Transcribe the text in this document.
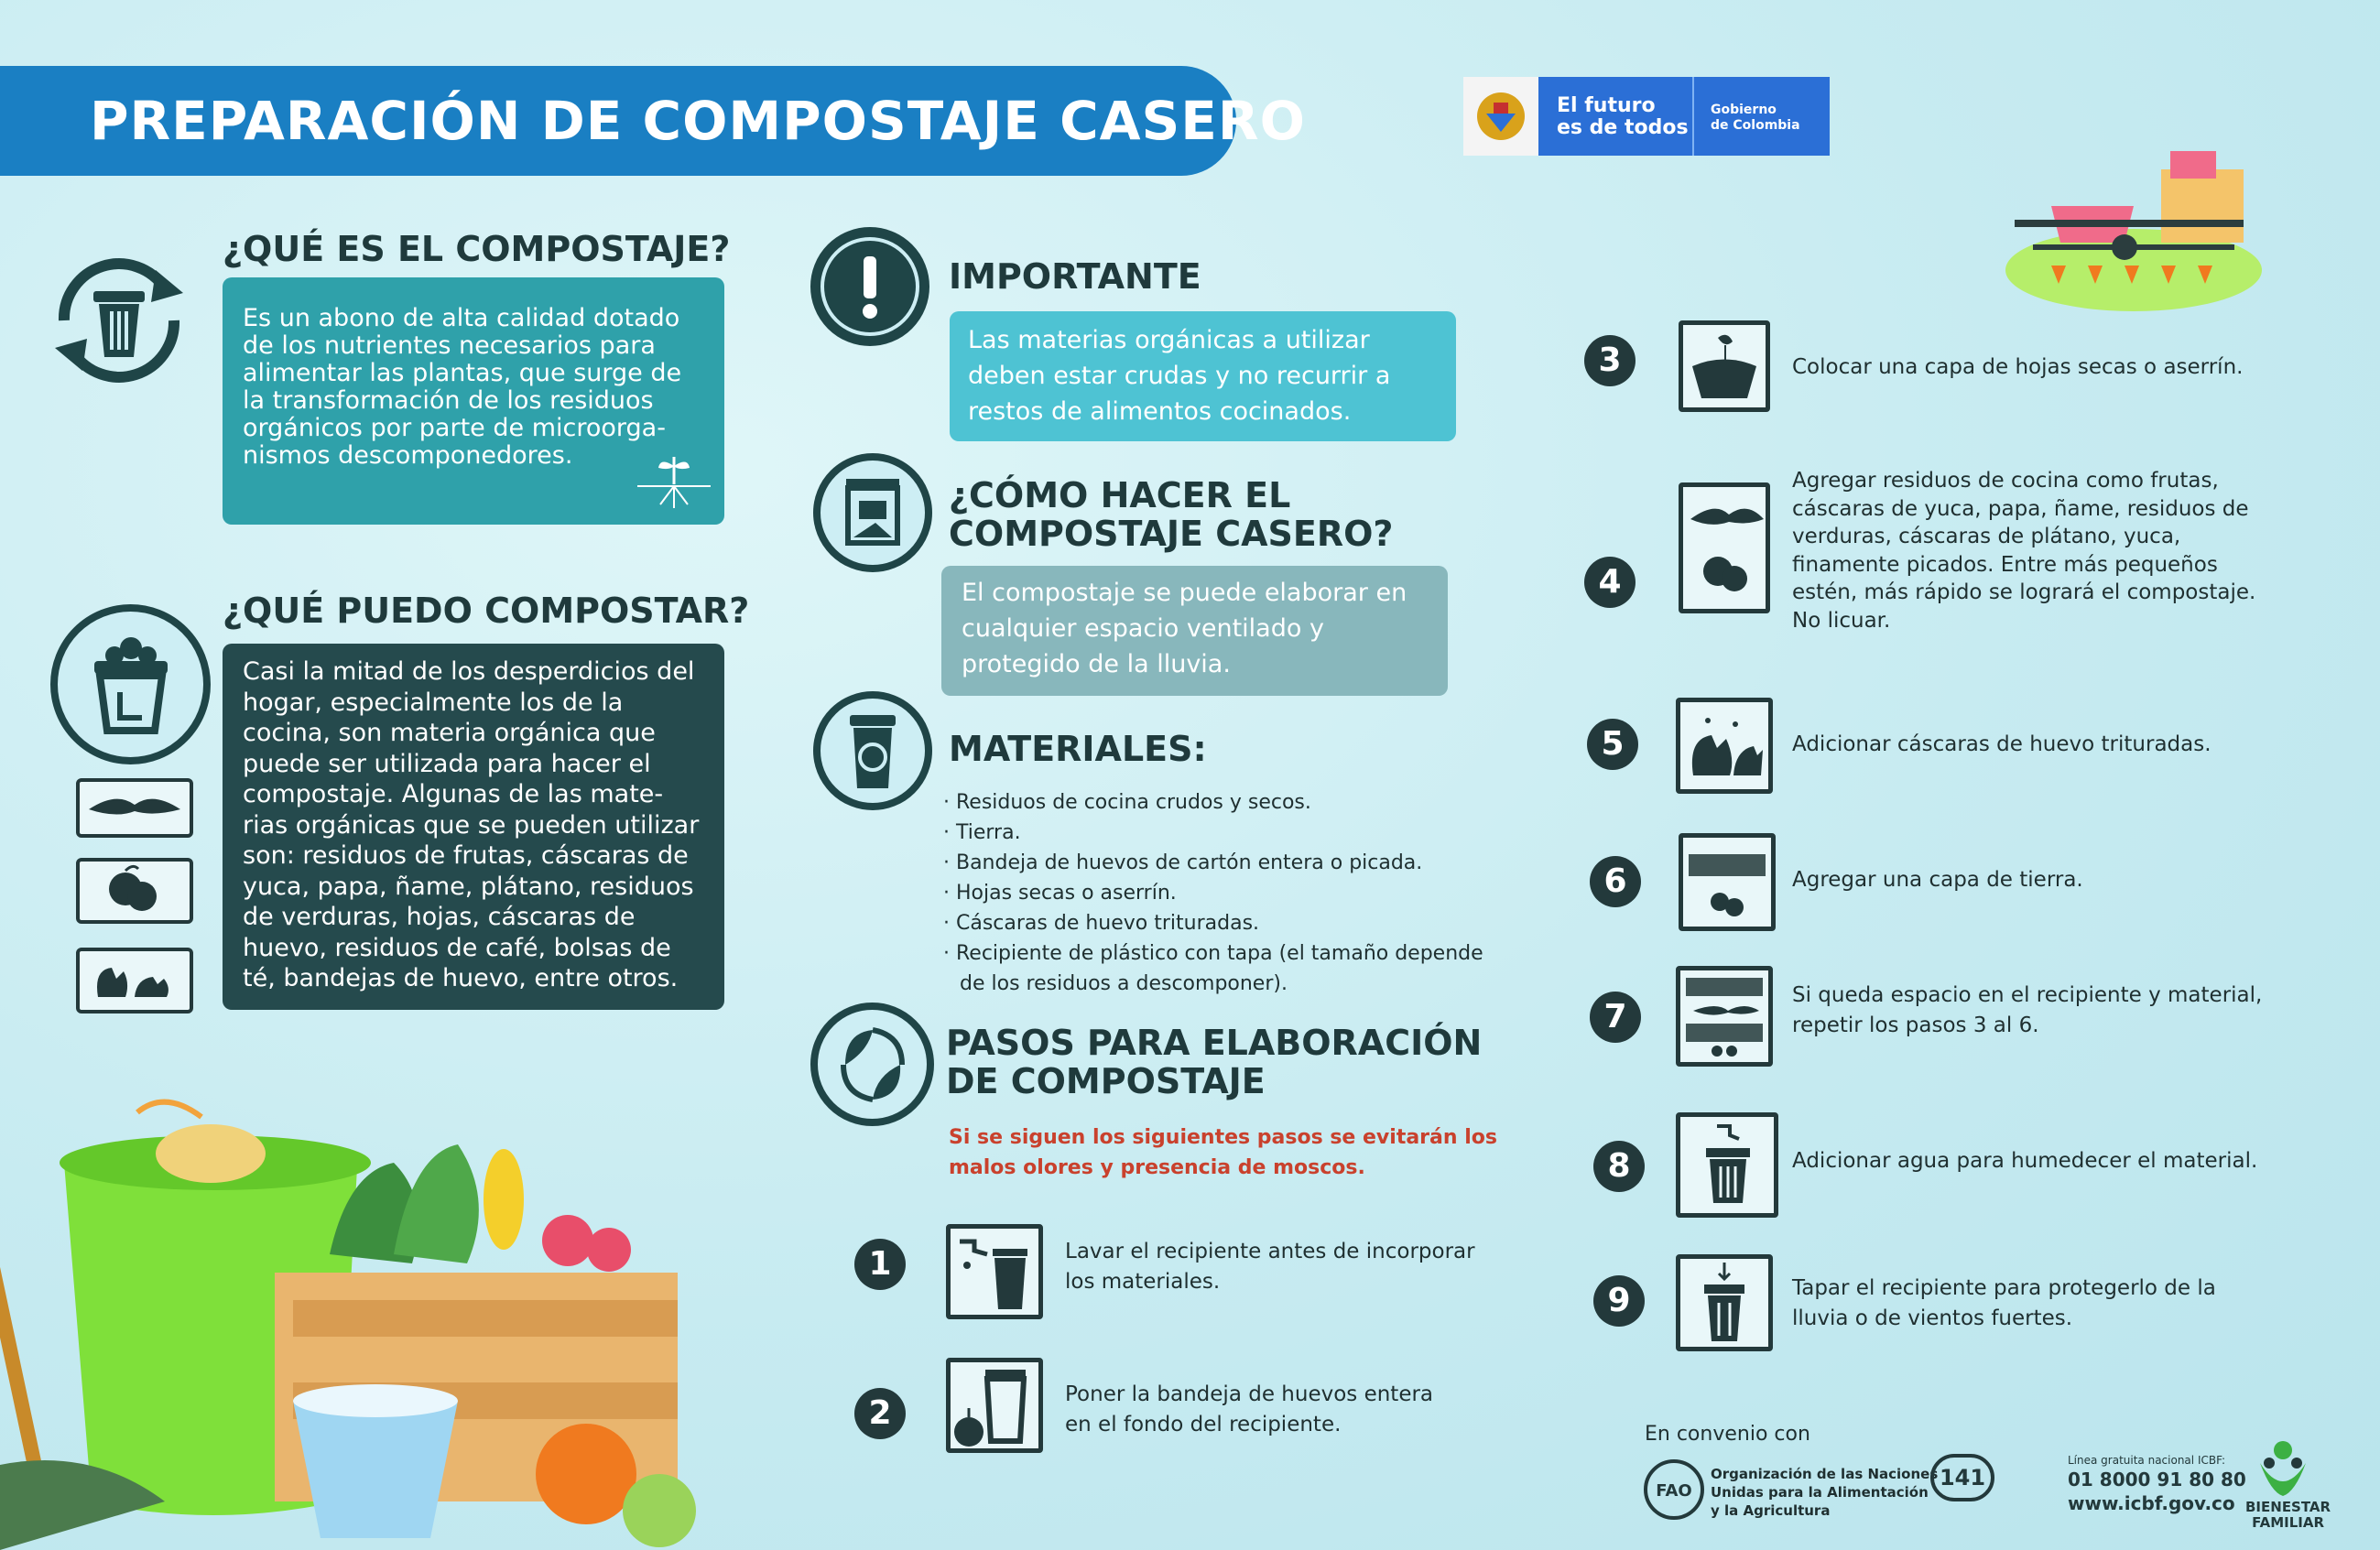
PREPARACIÓN DE COMPOSTAJE CASERO	El futuro
es de todos
Gobierno
de Colombia
¿QUÉ ES EL COMPOSTAJE?
Es un abono de alta calidad dotado
de los nutrientes necesarios para
alimentar las plantas, que surge de
la transformación de los residuos
orgánicos por parte de microorga-
nismos descomponedores.
¿QUÉ PUEDO COMPOSTAR?
Casi la mitad de los desperdicios del
hogar, especialmente los de la
cocina, son materia orgánica que
puede ser utilizada para hacer el
compostaje. Algunas de las mate-
rias orgánicas que se pueden utilizar
son: residuos de frutas, cáscaras de
yuca, papa, ñame, plátano, residuos
de verduras, hojas, cáscaras de
huevo, residuos de café, bolsas de
té, bandejas de huevo, entre otros.
IMPORTANTE
Las materias orgánicas a utilizar
deben estar crudas y no recurrir a
restos de alimentos cocinados.
¿CÓMO HACER EL
COMPOSTAJE CASERO?
El compostaje se puede elaborar en
cualquier espacio ventilado y
protegido de la lluvia.
MATERIALES:
· Residuos de cocina crudos y secos.
· Tierra.
· Bandeja de huevos de cartón entera o picada.
· Hojas secas o aserrín.
· Cáscaras de huevo trituradas.
· Recipiente de plástico con tapa (el tamaño depende
de los residuos a descomponer).
PASOS PARA ELABORACIÓN
DE COMPOSTAJE
Si se siguen los siguientes pasos se evitarán los
malos olores y presencia de moscos.
1	Lavar el recipiente antes de incorporar
los materiales.
2	Poner la bandeja de huevos entera
en el fondo del recipiente.
3	Colocar una capa de hojas secas o aserrín.
4
Agregar residuos de cocina como frutas,
cáscaras de yuca, papa, ñame, residuos de
verduras, cáscaras de plátano, yuca,
finamente picados. Entre más pequeños
estén, más rápido se logrará el compostaje.
No licuar.
5	Adicionar cáscaras de huevo trituradas.
6	Agregar una capa de tierra.
7
Si queda espacio en el recipiente y material,
repetir los pasos 3 al 6.
8	Adicionar agua para humedecer el material.
9	Tapar el recipiente para protegerlo de la
lluvia o de vientos fuertes.
En convenio con
FAO
Organización de las Naciones
Unidas para la Alimentación
y la Agricultura
141
Línea gratuita nacional ICBF:
01 8000 91 80 80
www.icbf.gov.co BIENESTAR
FAMILIAR
